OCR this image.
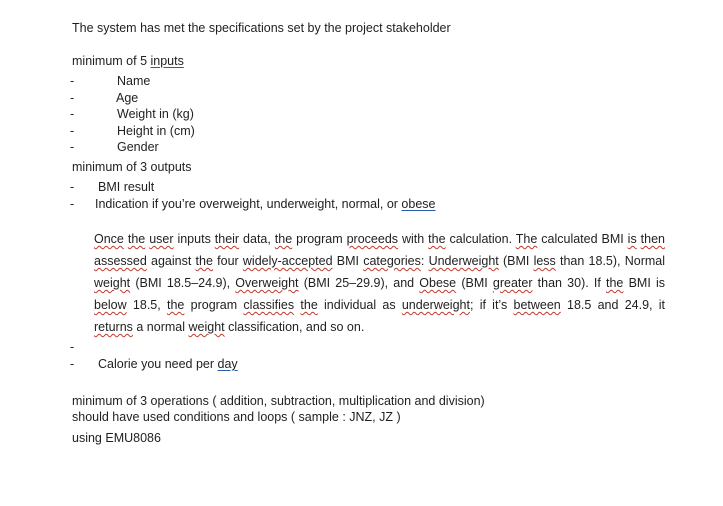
The system has met the specifications set by the project stakeholder
minimum of 5 inputs
-	Name
-	Age
-	Weight in (kg)
-	Height in (cm)
-	Gender
minimum of 3 outputs
- BMI result
- Indication if you’re overweight, underweight, normal, or obese
Once the user inputs their data, the program proceeds with the calculation. The calculated BMI is then assessed against the four widely-accepted BMI categories: Underweight (BMI less than 18.5), Normal weight (BMI 18.5–24.9), Overweight (BMI 25–29.9), and Obese (BMI greater than 30). If the BMI is below 18.5, the program classifies the individual as underweight; if it’s between 18.5 and 24.9, it returns a normal weight classification, and so on.
-
- Calorie you need per day
minimum of 3 operations ( addition, subtraction, multiplication and division)
should have used conditions and loops ( sample : JNZ, JZ )
using EMU8086
